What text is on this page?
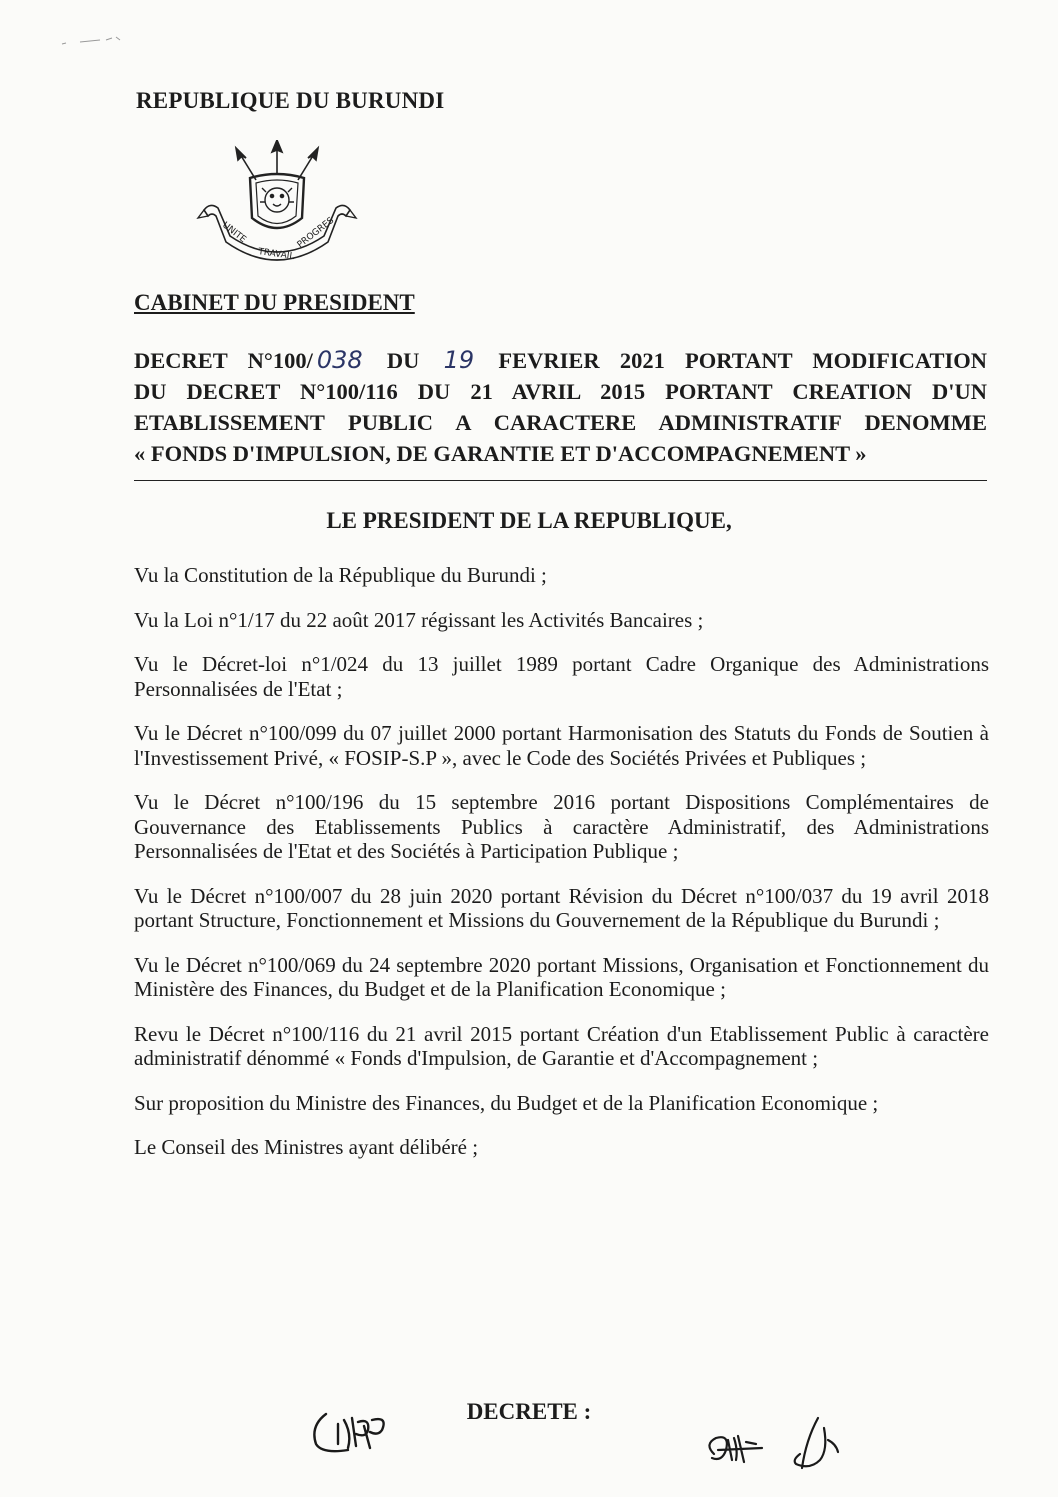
REPUBLIQUE DU BURUNDI
UNITE
TRAVAIL
PROGRES
CABINET DU PRESIDENT
DECRET N°100/ 038 DU 19 FEVRIER 2021 PORTANT MODIFICATION
DU DECRET N°100/116 DU 21 AVRIL 2015 PORTANT CREATION D'UN
ETABLISSEMENT PUBLIC A CARACTERE ADMINISTRATIF DENOMME
« FONDS D'IMPULSION, DE GARANTIE ET D'ACCOMPAGNEMENT »
LE PRESIDENT DE LA REPUBLIQUE,

Vu la Constitution de la République du Burundi ;

Vu la Loi n°1/17 du 22 août 2017 régissant les Activités Bancaires ;

Vu le Décret-loi n°1/024 du 13 juillet 1989 portant Cadre Organique des Administrations Personnalisées de l'Etat ;

Vu le Décret n°100/099 du 07 juillet 2000 portant Harmonisation des Statuts du Fonds de Soutien à l'Investissement Privé, « FOSIP-S.P », avec le Code des Sociétés Privées et Publiques ;

Vu le Décret n°100/196 du 15 septembre 2016 portant Dispositions Complémentaires de Gouvernance des Etablissements Publics à caractère Administratif, des Administrations Personnalisées de l'Etat et des Sociétés à Participation Publique ;

Vu le Décret n°100/007 du 28 juin 2020 portant Révision du Décret n°100/037 du 19 avril 2018 portant Structure, Fonctionnement et Missions du Gouvernement de la République du Burundi ;

Vu le Décret n°100/069 du 24 septembre 2020 portant Missions, Organisation et Fonctionnement du Ministère des Finances, du Budget et de la Planification Economique ;

Revu le Décret n°100/116 du 21 avril 2015 portant Création d'un Etablissement Public à caractère administratif dénommé « Fonds d'Impulsion, de Garantie et d'Accompagnement ;

Sur proposition du Ministre des Finances, du Budget et de la Planification Economique ;

Le Conseil des Ministres ayant délibéré ;

DECRETE :
